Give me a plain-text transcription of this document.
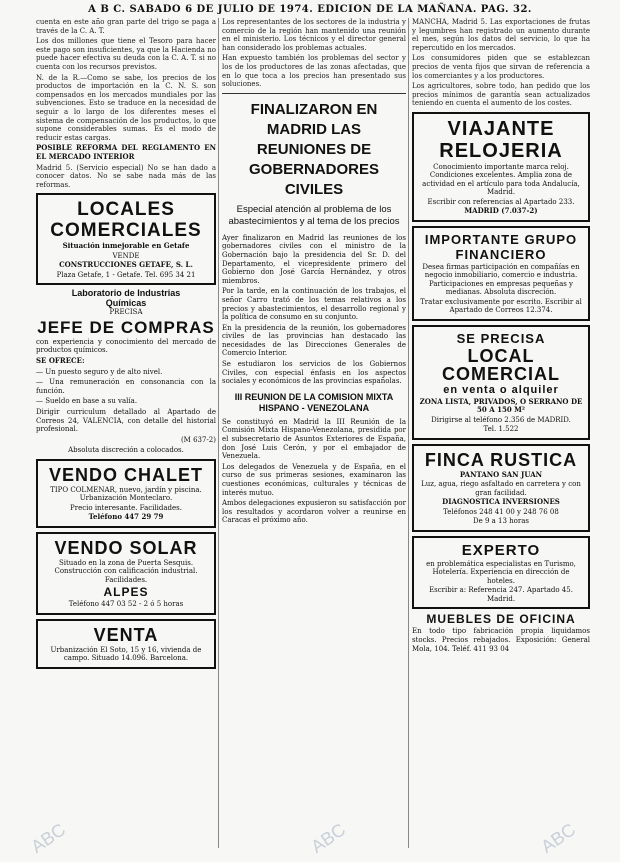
A B C. SABADO 6 DE JULIO DE 1974. EDICION DE LA MAÑANA. PAG. 32.

cuenta en este año gran parte del trigo se paga a través de la C. A. T.

Los dos millones que tiene el Tesoro para hacer este pago son insuficientes, ya que la Hacienda no puede hacer efectiva su deuda con la C. A. T. si no cuenta con los recursos previstos.

N. de la R.—Como se sabe, los precios de los productos de importación en la C. N. S. son compensados en los mercados mundiales por las subvenciones. Esto se traduce en la necesidad de seguir a lo largo de los diferentes meses el sistema de compensación de los productos, lo que supone considerables sumas. Es el modo de reducir estas cargas.

POSIBLE REFORMA DEL REGLAMENTO EN EL MERCADO INTERIOR

Madrid 5. (Servicio especial) No se han dado a conocer datos. No se sabe nada más de las reformas.

LOCALES
COMERCIALES
Situación inmejorable en Getafe
VENDE
CONSTRUCCIONES GETAFE, S. L.
Plaza Getafe, 1 - Getafe. Tel. 695 34 21
Laboratorio de Industrias
Químicas
PRECISA
JEFE DE COMPRAS

con experiencia y conocimiento del mercado de productos químicos.

SE OFRECE:

— Un puesto seguro y de alto nivel.

— Una remuneración en consonancia con la función.

— Sueldo en base a su valía.

Dirigir curriculum detallado al Apartado de Correos 24, VALENCIA, con detalle del historial profesional.

(M 637-2)

Absoluta discreción a colocados.

VENDO CHALET
TIPO COLMENAR, nuevo, jardín y piscina. Urbanización Monteclaro.
Precio interesante. Facilidades.
Teléfono 447 29 79
VENDO SOLAR
Situado en la zona de Puerta Sesquis. Construcción con calificación industrial. Facilidades.
ALPES
Teléfono 447 03 52 - 2 ó 5 horas
VENTA
Urbanización El Soto, 15 y 16, vivienda de campo. Situado 14.096. Barcelona.

Los representantes de los sectores de la industria y comercio de la región han mantenido una reunión en el ministerio. Los técnicos y el director general han considerado los problemas actuales.

Han expuesto también los problemas del sector y los de los productores de las zonas afectadas, que en lo que toca a los precios han presentado sus soluciones.

FINALIZARON EN MADRID LAS REUNIONES DE GOBERNADORES CIVILES
Especial atención al problema de los abastecimientos y al tema de los precios

Ayer finalizaron en Madrid las reuniones de los gobernadores civiles con el ministro de la Gobernación bajo la presidencia del Sr. D. del Departamento, el vicepresidente primero del Gobierno don José García Hernández, y otros miembros.

Por la tarde, en la continuación de los trabajos, el señor Carro trató de los temas relativos a los precios y abastecimientos, el desarrollo regional y la política de consumo en su conjunto.

En la presidencia de la reunión, los gobernadores civiles de las provincias han destacado las necesidades de las Direcciones Generales de Comercio Interior.

Se estudiaron los servicios de los Gobiernos Civiles, con especial énfasis en los aspectos sociales y económicos de las provincias españolas.

III REUNION DE LA COMISION MIXTA HISPANO - VENEZOLANA

Se constituyó en Madrid la III Reunión de la Comisión Mixta Hispano-Venezolana, presidida por el subsecretario de Asuntos Exteriores de España, don José Luis Cerón, y por el embajador de Venezuela.

Los delegados de Venezuela y de España, en el curso de sus primeras sesiones, examinaron las cuestiones económicas, culturales y técnicas de interés mutuo.

Ambos delegaciones expusieron su satisfacción por los resultados y acordaron volver a reunirse en Caracas el próximo año.

MANCHA, Madrid 5. Las exportaciones de frutas y legumbres han registrado un aumento durante el mes, según los datos del servicio, lo que ha repercutido en los mercados.

Los consumidores piden que se establezcan precios de venta fijos que sirvan de referencia a los comerciantes y a los productores.

Los agricultores, sobre todo, han pedido que los precios mínimos de garantía sean actualizados teniendo en cuenta el aumento de los costes.

VIAJANTE
RELOJERIA
Conocimiento importante marca reloj. Condiciones excelentes. Amplia zona de actividad en el artículo para toda Andalucía, Madrid.
Escribir con referencias al Apartado 233.
MADRID (7.037-2)
IMPORTANTE GRUPO
FINANCIERO
Desea firmas participación en compañías en negocio inmobiliario, comercio e industria. Participaciones en empresas pequeñas y medianas. Absoluta discreción.
Tratar exclusivamente por escrito. Escribir al Apartado de Correos 12.374.
SE PRECISA
LOCAL COMERCIAL
en venta o alquiler
ZONA LISTA, PRIVADOS, O SERRANO DE 50 A 150 M²
Dirigirse al teléfono 2.356 de MADRID.
Tel. 1.522
FINCA RUSTICA
PANTANO SAN JUAN
Luz, agua, riego asfaltado en carretera y con gran facilidad.
DIAGNOSTICA INVERSIONES
Teléfonos 248 41 00 y 248 76 08
De 9 a 13 horas
EXPERTO
en problemática especialistas en Turismo, Hotelería. Experiencia en dirección de hoteles.
Escribir a: Referencia 247. Apartado 45. Madrid.
MUEBLES DE OFICINA

En todo tipo fabricación propia liquidamos stocks. Precios rebajados. Exposición: General Mola, 104. Teléf. 411 93 04

ABC	ABC	ABC
